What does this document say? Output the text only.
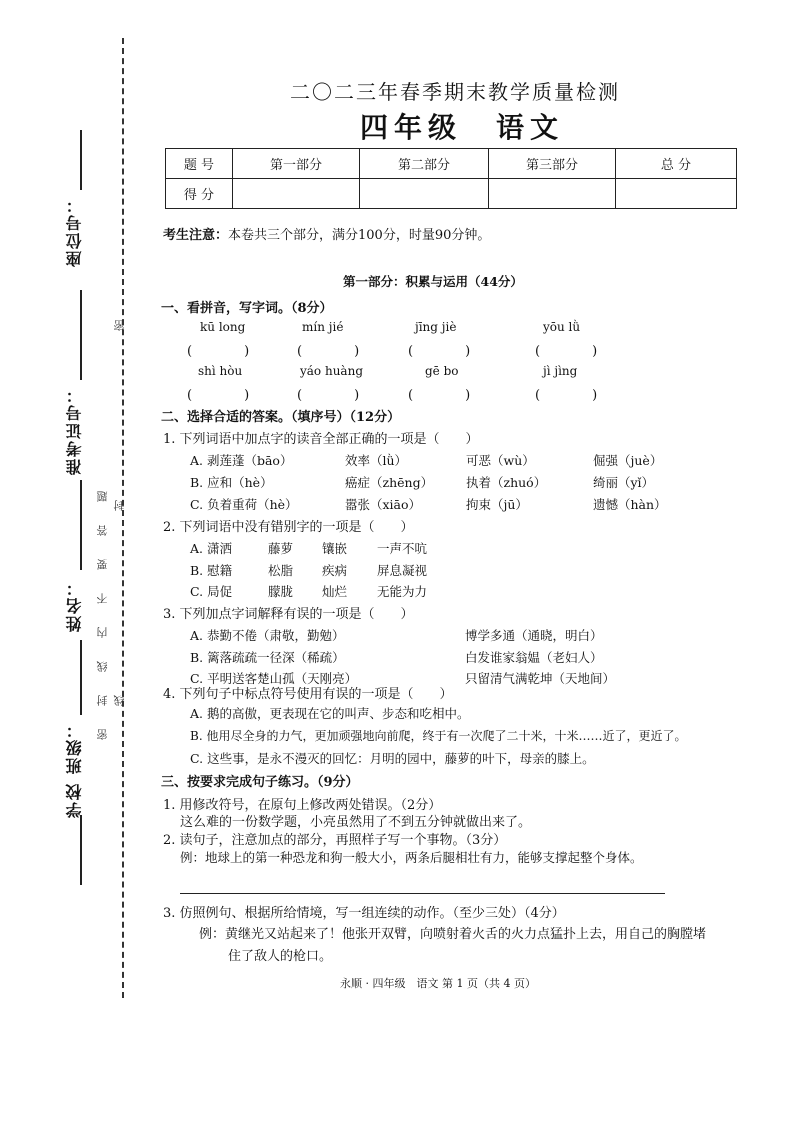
座位号：
准考证号：
姓名：
班级：
学校
密　封　线　内　不　要　答　题
密
封
线
二〇二三年春季期末教学质量检测
四年级　语文
题 号	第一部分	第二部分	第三部分	总 分
得 分				
考生注意：本卷共三个部分，满分100分，时量90分钟。
第一部分：积累与运用（44分）
一、看拼音，写字词。（8分）
kū long	mín jié	jīng jiè	yōu lǜ
(　　　　)	(　　　　)	(　　　　)	(　　　　)
shì hòu	yáo huàng	gē bo	jì jìng
(　　　　)	(　　　　)	(　　　　)	(　　　　)
二、选择合适的答案。（填序号）（12分）
1. 下列词语中加点字的读音全部正确的一项是（　　）
A. 剥莲蓬（bāo）	效率（lǜ）	可恶（wù）	倔强（juè）
B. 应和（hè）	癌症（zhēng）	执着（zhuó）	绮丽（yǐ）
C. 负着重荷（hè）	嚣张（xiāo）	拘束（jū）	遗憾（hàn）
2. 下列词语中没有错别字的一项是（　　）
A. 潇洒	藤萝 镶嵌 一声不吭
B. 慰籍	松脂 疾病 屏息凝视
C. 局促	朦胧 灿烂 无能为力
3. 下列加点字词解释有误的一项是（　　）
A. 恭勤不倦（肃敬，勤勉）	博学多通（通晓，明白）
B. 篱落疏疏一径深（稀疏）	白发谁家翁媪（老妇人）
C. 平明送客楚山孤（天刚亮）	只留清气满乾坤（天地间）
4. 下列句子中标点符号使用有误的一项是（　　）
A. 鹅的高傲，更表现在它的叫声、步态和吃相中。
B. 他用尽全身的力气，更加顽强地向前爬，终于有一次爬了二十米，十米……近了，更近了。
C. 这些事，是永不漫灭的回忆：月明的园中，藤萝的叶下，母亲的膝上。
三、按要求完成句子练习。（9分）
1. 用修改符号，在原句上修改两处错误。（2分）
这么难的一份数学题，小亮虽然用了不到五分钟就做出来了。
2. 读句子，注意加点的部分，再照样子写一个事物。（3分）
例：地球上的第一种恐龙和狗一般大小，两条后腿相壮有力，能够支撑起整个身体。
3. 仿照例句、根据所给情境，写一组连续的动作。（至少三处）（4分）
例：黄继光又站起来了！他张开双臂，向喷射着火舌的火力点猛扑上去，用自己的胸膛堵
住了敌人的枪口。
永顺 · 四年级　语文 第 1 页（共 4 页）
